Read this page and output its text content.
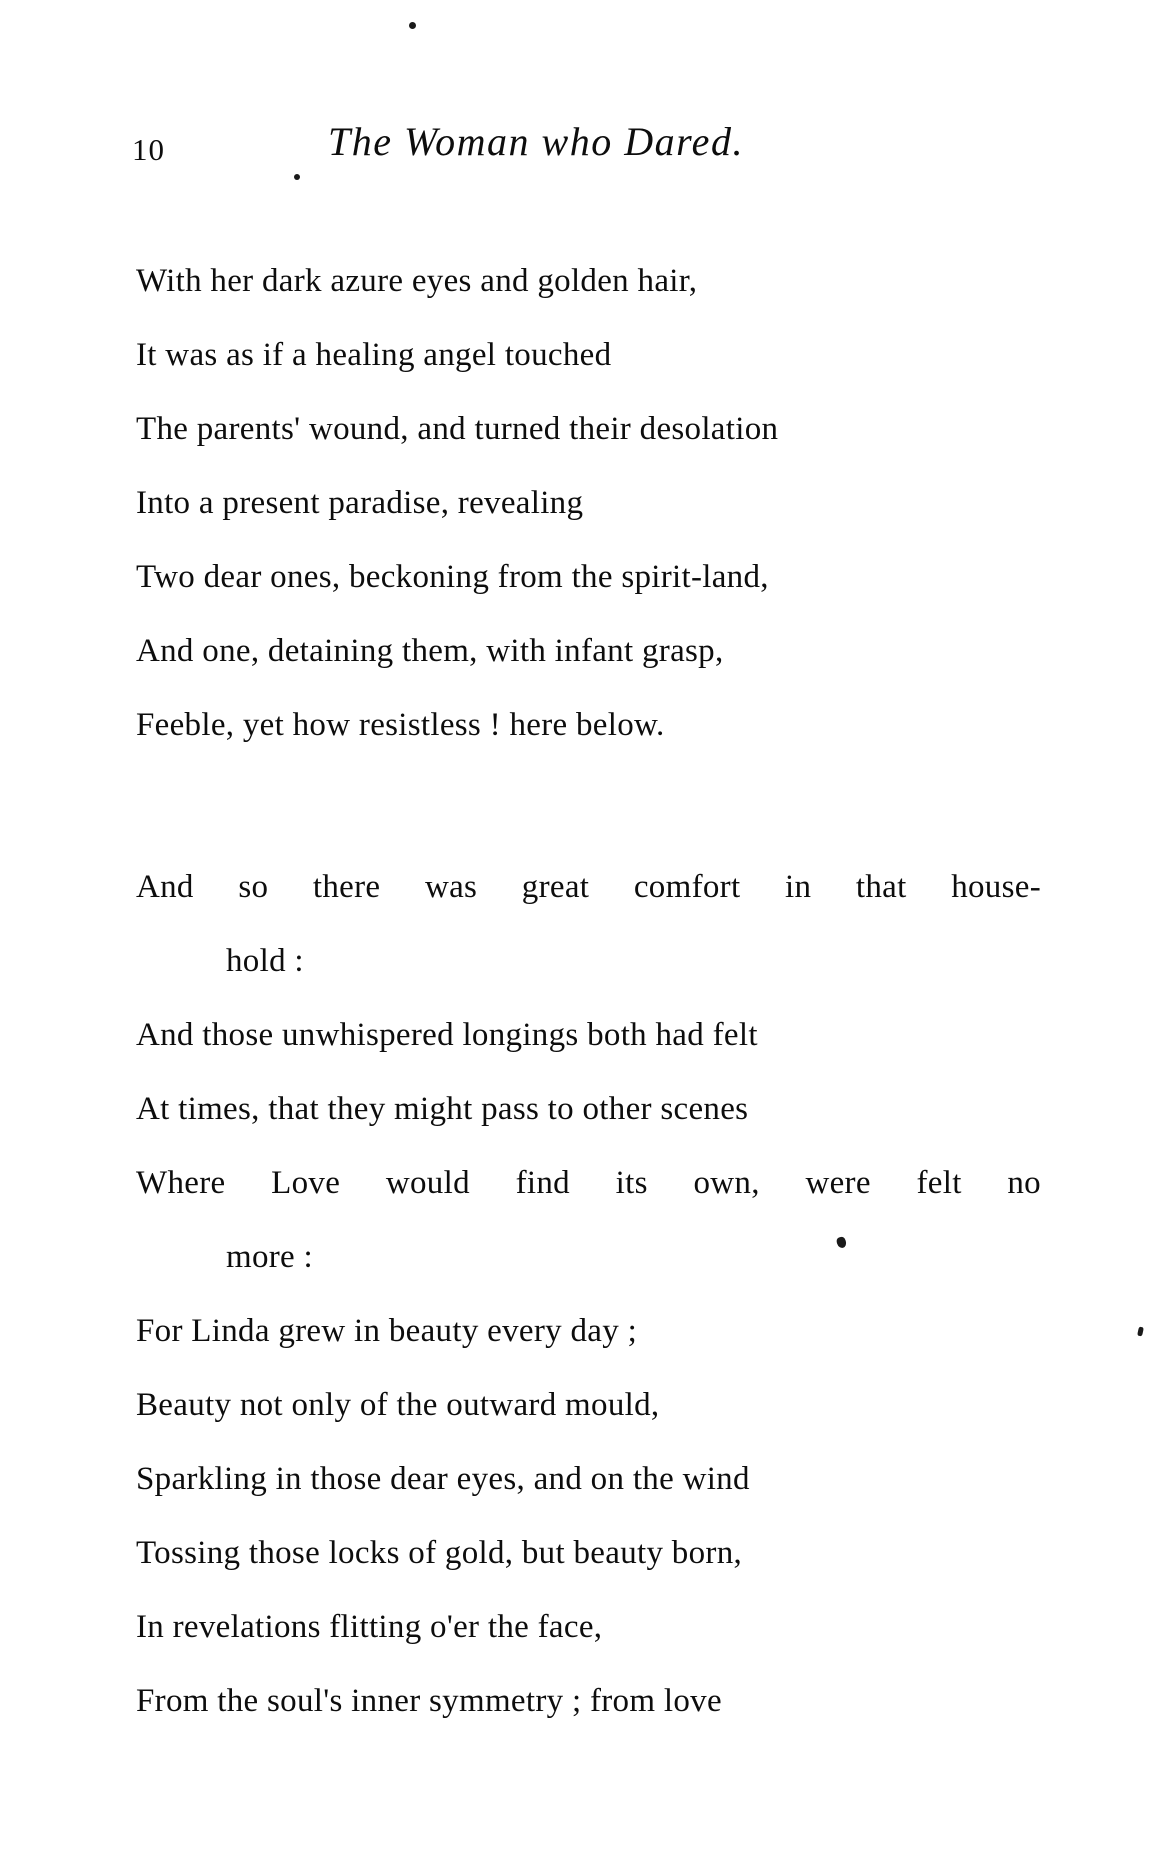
10	The Woman who Dared.
With her dark azure eyes and golden hair,
It was as if a healing angel touched
The parents' wound, and turned their desolation
Into a present paradise, revealing
Two dear ones, beckoning from the spirit-land,
And one, detaining them, with infant grasp,
Feeble, yet how resistless ! here below.
And so there was great comfort in that house-
hold :
And those unwhispered longings both had felt
At times, that they might pass to other scenes
Where Love would find its own, were felt no
more :
For Linda grew in beauty every day ;
Beauty not only of the outward mould,
Sparkling in those dear eyes, and on the wind
Tossing those locks of gold, but beauty born,
In revelations flitting o'er the face,
From the soul's inner symmetry ; from love
